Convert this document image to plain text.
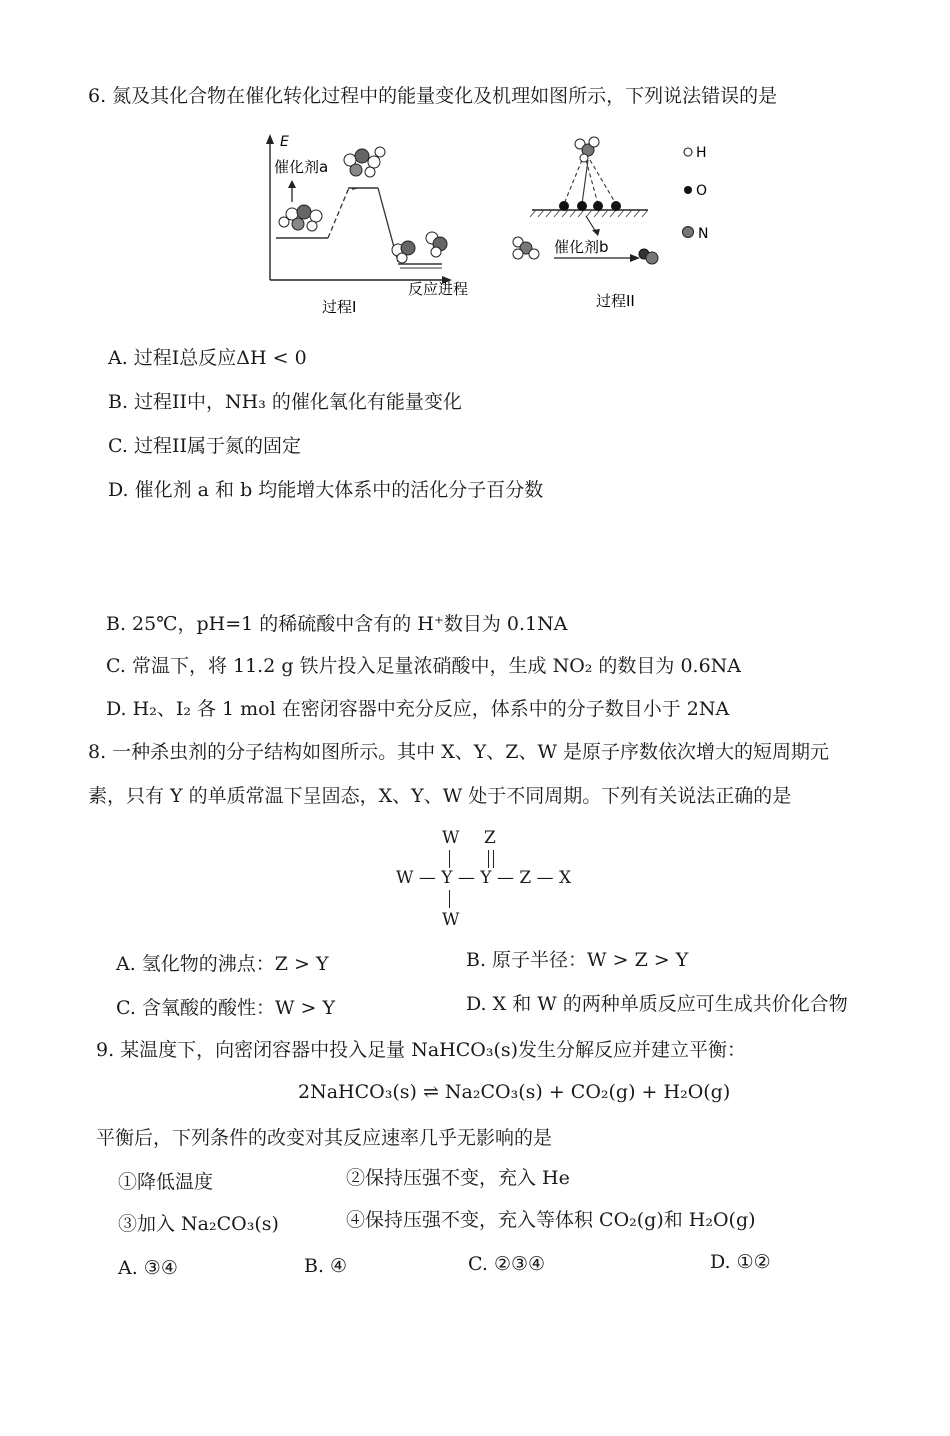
6. 氮及其化合物在催化转化过程中的能量变化及机理如图所示，下列说法错误的是
E
催化剂a
反应进程
过程I
催化剂b
过程II
H
O
N
A. 过程I总反应ΔH < 0
B. 过程II中，NH₃ 的催化氧化有能量变化
C. 过程II属于氮的固定
D. 催化剂 a 和 b 均能增大体系中的活化分子百分数
B. 25℃，pH=1 的稀硫酸中含有的 H⁺数目为 0.1NA
C. 常温下，将 11.2 g 铁片投入足量浓硝酸中，生成 NO₂ 的数目为 0.6NA
D. H₂、I₂ 各 1 mol 在密闭容器中充分反应，体系中的分子数目小于 2NA
8. 一种杀虫剂的分子结构如图所示。其中 X、Y、Z、W 是原子序数依次增大的短周期元
素，只有 Y 的单质常温下呈固态，X、Y、W 处于不同周期。下列有关说法正确的是
W Z
W — Y — Y — Z — X
W
A. 氢化物的沸点：Z > Y	B. 原子半径：W > Z > Y
C. 含氧酸的酸性：W > Y	D. X 和 W 的两种单质反应可生成共价化合物
9. 某温度下，向密闭容器中投入足量 NaHCO₃(s)发生分解反应并建立平衡：
2NaHCO₃(s) ⇌ Na₂CO₃(s) + CO₂(g) + H₂O(g)
平衡后，下列条件的改变对其反应速率几乎无影响的是
①降低温度	②保持压强不变，充入 He
③加入 Na₂CO₃(s)	④保持压强不变，充入等体积 CO₂(g)和 H₂O(g)
A. ③④	B. ④	C. ②③④	D. ①②
